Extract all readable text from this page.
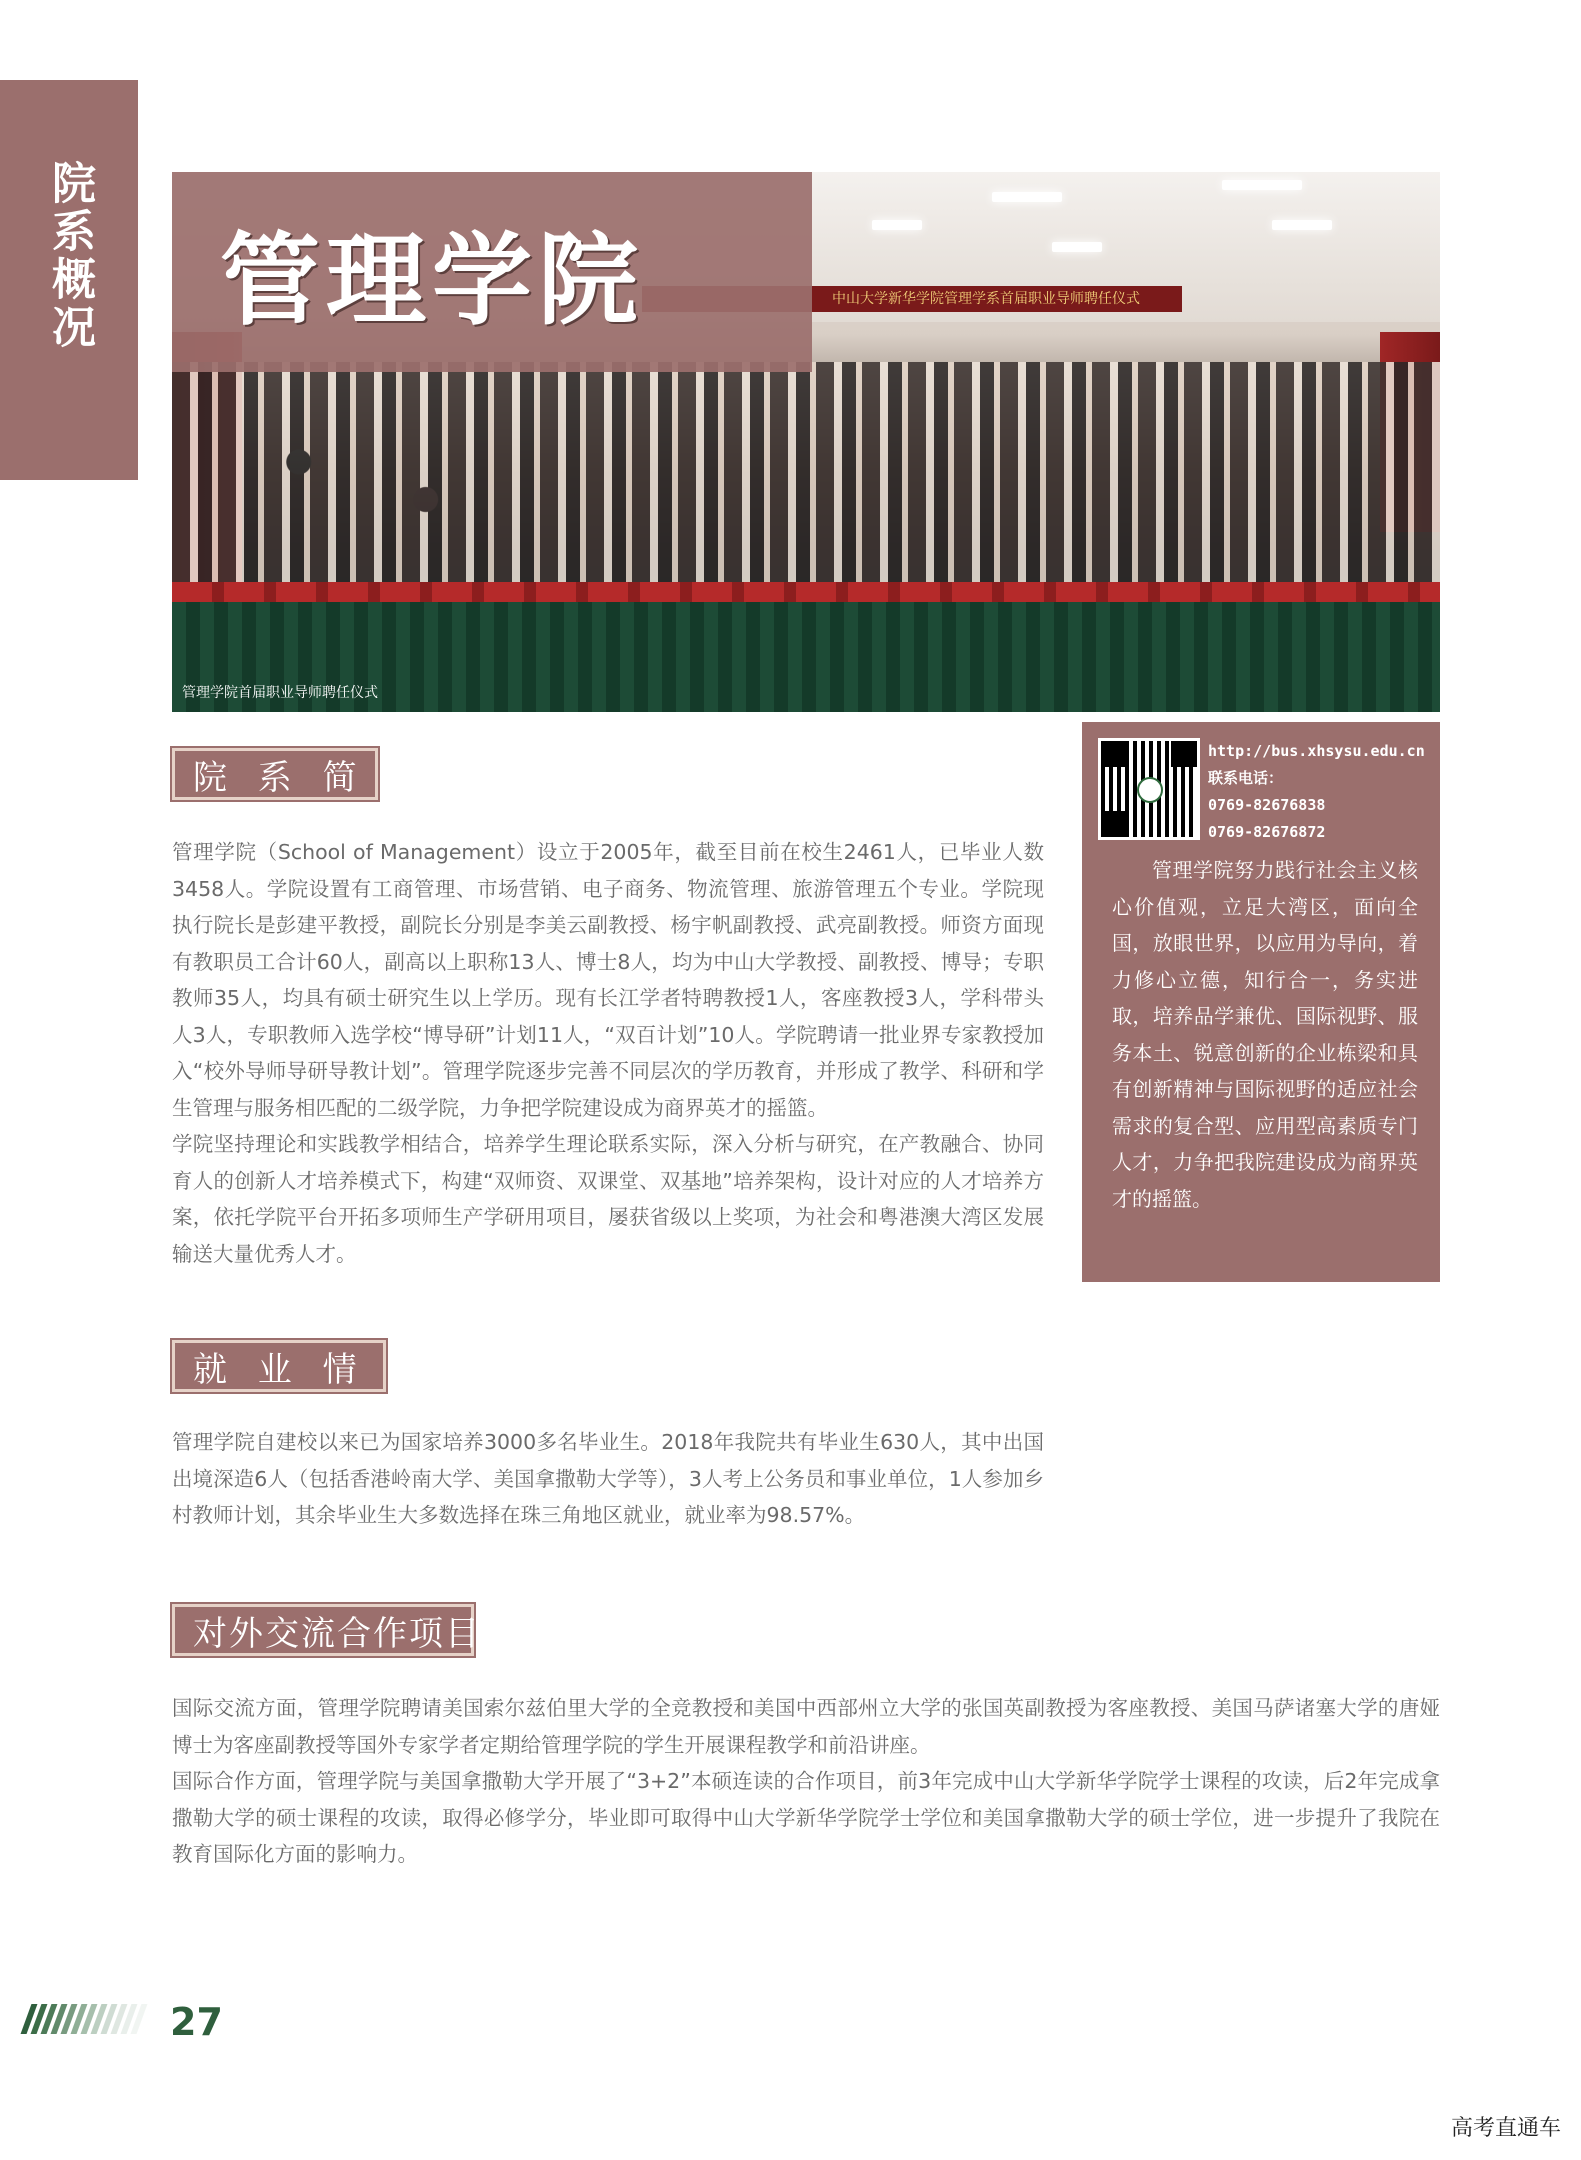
院系概况	中山大学新华学院管理学系首届职业导师聘任仪式
管理学院
管理学院首届职业导师聘任仪式
院 系 简 介

管理学院（School of Management）设立于2005年，截至目前在校生2461人，已毕业人数3458人。学院设置有工商管理、市场营销、电子商务、物流管理、旅游管理五个专业。学院现执行院长是彭建平教授，副院长分别是李美云副教授、杨宇帆副教授、武亮副教授。师资方面现有教职员工合计60人，副高以上职称13人、博士8人，均为中山大学教授、副教授、博导；专职教师35人，均具有硕士研究生以上学历。现有长江学者特聘教授1人，客座教授3人，学科带头人3人，专职教师入选学校“博导研”计划11人，“双百计划”10人。学院聘请一批业界专家教授加入“校外导师导研导教计划”。管理学院逐步完善不同层次的学历教育，并形成了教学、科研和学生管理与服务相匹配的二级学院，力争把学院建设成为商界英才的摇篮。

学院坚持理论和实践教学相结合，培养学生理论联系实际，深入分析与研究，在产教融合、协同育人的创新人才培养模式下，构建“双师资、双课堂、双基地”培养架构，设计对应的人才培养方案，依托学院平台开拓多项师生产学研用项目，屡获省级以上奖项，为社会和粤港澳大湾区发展输送大量优秀人才。

http://bus.xhsysu.edu.cn
联系电话：
0769-82676838
0769-82676872

管理学院努力践行社会主义核心价值观，立足大湾区，面向全国，放眼世界，以应用为导向，着力修心立德，知行合一，务实进取，培养品学兼优、国际视野、服务本土、锐意创新的企业栋梁和具有创新精神与国际视野的适应社会需求的复合型、应用型高素质专门人才，力争把我院建设成为商界英才的摇篮。

就 业 情 况

管理学院自建校以来已为国家培养3000多名毕业生。2018年我院共有毕业生630人，其中出国出境深造6人（包括香港岭南大学、美国拿撒勒大学等），3人考上公务员和事业单位，1人参加乡村教师计划，其余毕业生大多数选择在珠三角地区就业，就业率为98.57%。

对外交流合作项目

国际交流方面，管理学院聘请美国索尔兹伯里大学的全竞教授和美国中西部州立大学的张国英副教授为客座教授、美国马萨诸塞大学的唐娅博士为客座副教授等国外专家学者定期给管理学院的学生开展课程教学和前沿讲座。

国际合作方面，管理学院与美国拿撒勒大学开展了“3+2”本硕连读的合作项目，前3年完成中山大学新华学院学士课程的攻读，后2年完成拿撒勒大学的硕士课程的攻读，取得必修学分，毕业即可取得中山大学新华学院学士学位和美国拿撒勒大学的硕士学位，进一步提升了我院在教育国际化方面的影响力。

27
高考直通车
